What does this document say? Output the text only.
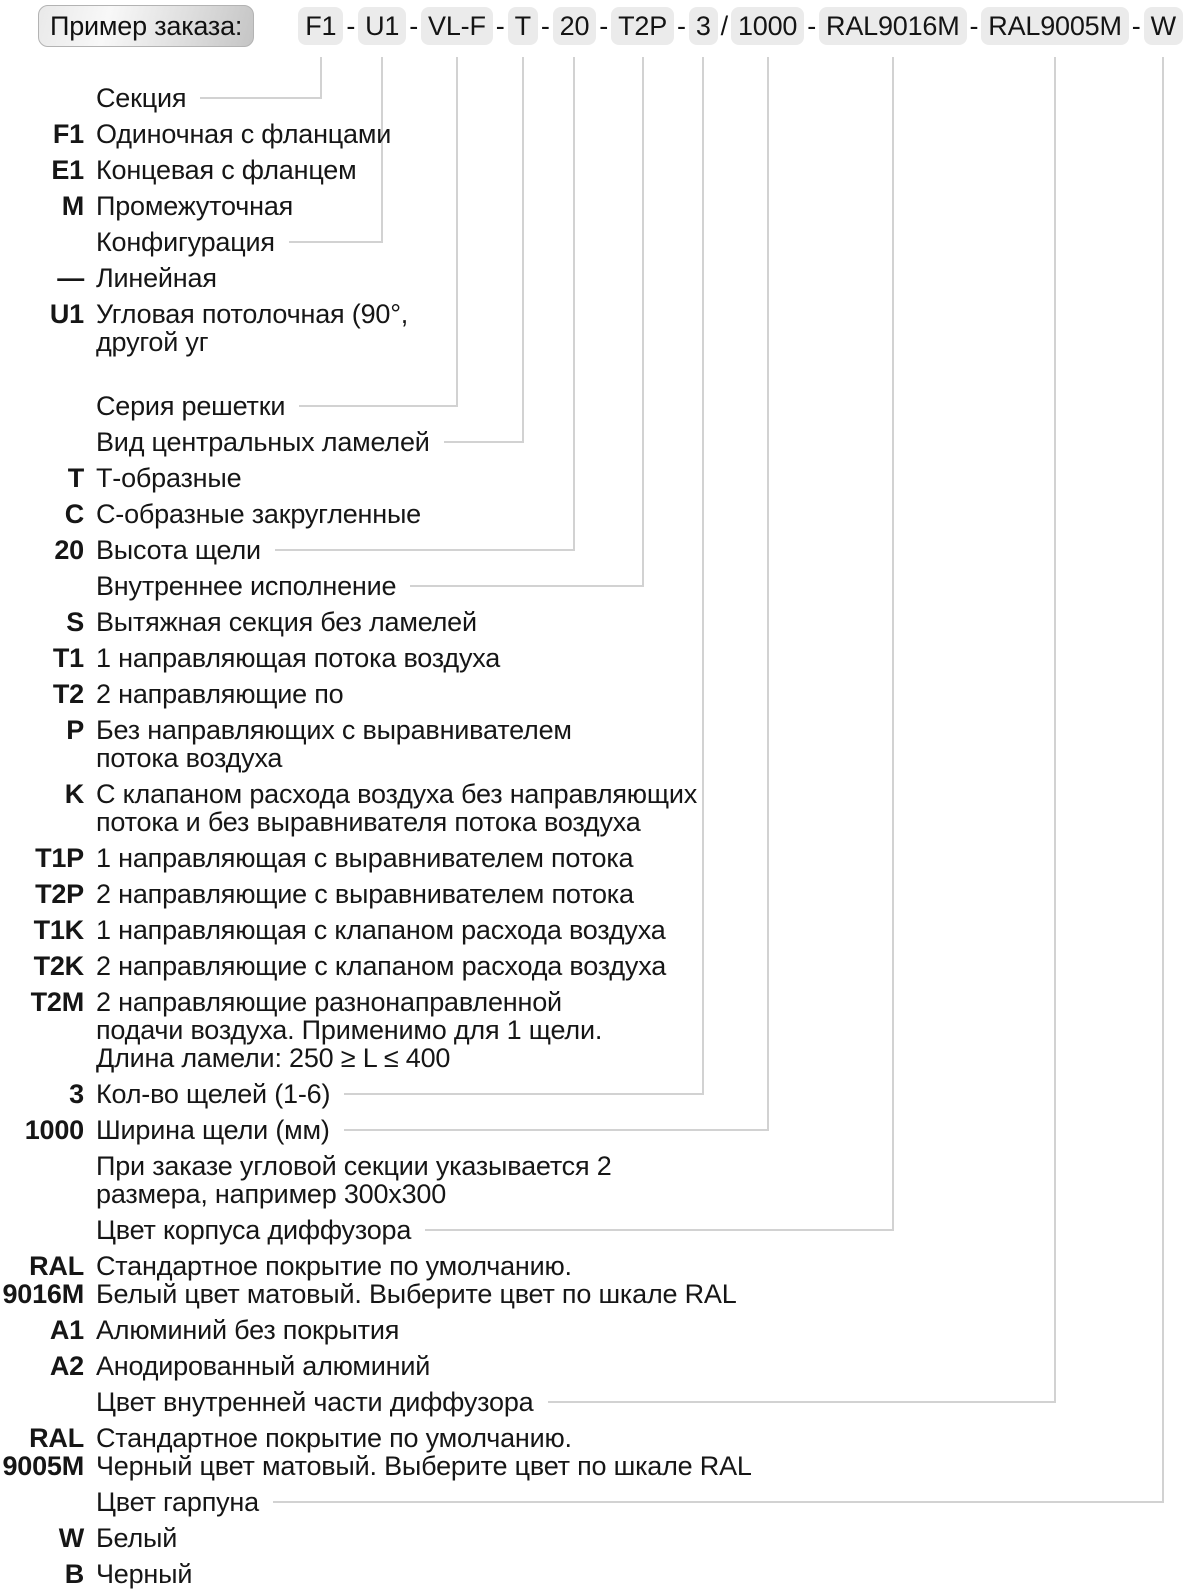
Пример заказа:	F1 - U1 - VL-F - T - 20 - T2P - 3 / 1000 - RAL9016M - RAL9005M - W
Секция
F1 Одиночная с фланцами
E1 Концевая с фланцем
M Промежуточная
Конфигурация
— Линейная
U1 Угловая потолочная (90°,
другой уг
Серия решетки
Вид центральных ламелей
T Т-образные
C С-образные закругленные
20 Высота щели
Внутреннее исполнение
S Вытяжная секция без ламелей
T1 1 направляющая потока воздуха
T2 2 направляющие по
P Без направляющих с выравнивателем
потока воздуха
K С клапаном расхода воздуха без направляющих
потока и без выравнивателя потока воздуха
T1P 1 направляющая с выравнивателем потока
T2P 2 направляющие с выравнивателем потока
T1K 1 направляющая с клапаном расхода воздуха
T2K 2 направляющие с клапаном расхода воздуха
T2M 2 направляющие разнонаправленной
подачи воздуха. Применимо для 1 щели.
Длина ламели: 250 ≥ L ≤ 400
3 Кол-во щелей (1-6)
1000 Ширина щели (мм)
При заказе угловой секции указывается 2
размера, например 300x300
Цвет корпуса диффузора
RAL
9016M
Стандартное покрытие по умолчанию.
Белый цвет матовый. Выберите цвет по шкале RAL
A1 Алюминий без покрытия
A2 Анодированный алюминий
Цвет внутренней части диффузора
RAL
9005M
Стандартное покрытие по умолчанию.
Черный цвет матовый. Выберите цвет по шкале RAL
Цвет гарпуна
W Белый
B Черный
